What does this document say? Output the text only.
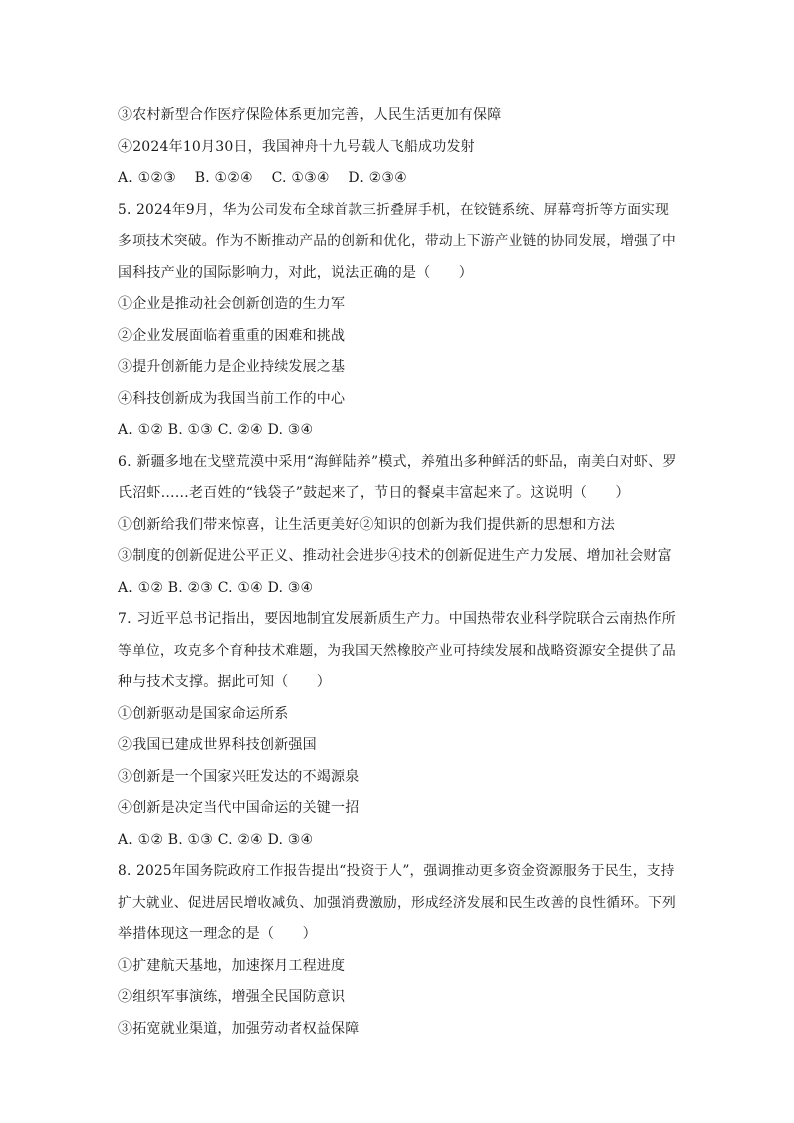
③农村新型合作医疗保险体系更加完善，人民生活更加有保障
④2024年10月30日，我国神舟十九号载人飞船成功发射
A. ①②③　 B. ①②④　 C. ①③④　 D. ②③④
5. 2024年9月，华为公司发布全球首款三折叠屏手机，在铰链系统、屏幕弯折等方面实现
多项技术突破。作为不断推动产品的创新和优化，带动上下游产业链的协同发展，增强了中
国科技产业的国际影响力，对此，说法正确的是（　　）
①企业是推动社会创新创造的生力军
②企业发展面临着重重的困难和挑战
③提升创新能力是企业持续发展之基
④科技创新成为我国当前工作的中心
A. ①② B. ①③ C. ②④ D. ③④
6. 新疆多地在戈壁荒漠中采用“海鲜陆养”模式，养殖出多种鲜活的虾品，南美白对虾、罗
氏沼虾……老百姓的“钱袋子”鼓起来了，节日的餐桌丰富起来了。这说明（　　）
①创新给我们带来惊喜，让生活更美好②知识的创新为我们提供新的思想和方法
③制度的创新促进公平正义、推动社会进步④技术的创新促进生产力发展、增加社会财富
A. ①② B. ②③ C. ①④ D. ③④
7. 习近平总书记指出，要因地制宜发展新质生产力。中国热带农业科学院联合云南热作所
等单位，攻克多个育种技术难题，为我国天然橡胶产业可持续发展和战略资源安全提供了品
种与技术支撑。据此可知（　　）
①创新驱动是国家命运所系
②我国已建成世界科技创新强国
③创新是一个国家兴旺发达的不竭源泉
④创新是决定当代中国命运的关键一招
A. ①② B. ①③ C. ②④ D. ③④
8. 2025年国务院政府工作报告提出“投资于人”，强调推动更多资金资源服务于民生，支持
扩大就业、促进居民增收减负、加强消费激励，形成经济发展和民生改善的良性循环。下列
举措体现这一理念的是（　　）
①扩建航天基地，加速探月工程进度
②组织军事演练，增强全民国防意识
③拓宽就业渠道，加强劳动者权益保障
